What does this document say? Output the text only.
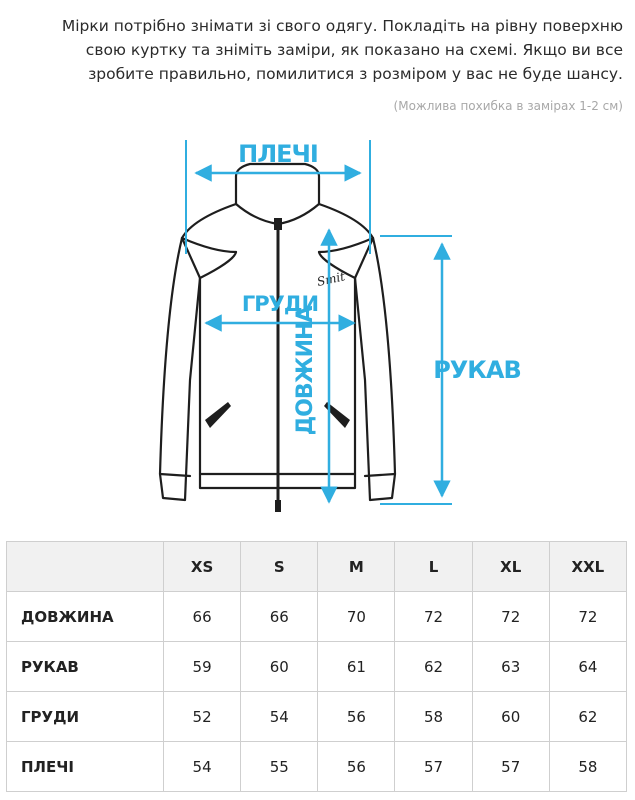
Мірки потрібно знімати зі свого одягу. Покладіть на рівну поверхню свою куртку та зніміть заміри, як показано на схемі. Якщо ви все зробите правильно, помилитися з розміром у вас не буде шансу.
(Можлива похибка в замірах 1-2 см)
Smit
ПЛЕЧІ
ГРУДИ
ДОВЖИНА	РУКАВ
	XS	S	M	L	XL	XXL
ДОВЖИНА	66	66	70	72	72	72
РУКАВ	59	60	61	62	63	64
ГРУДИ	52	54	56	58	60	62
ПЛЕЧІ	54	55	56	57	57	58
